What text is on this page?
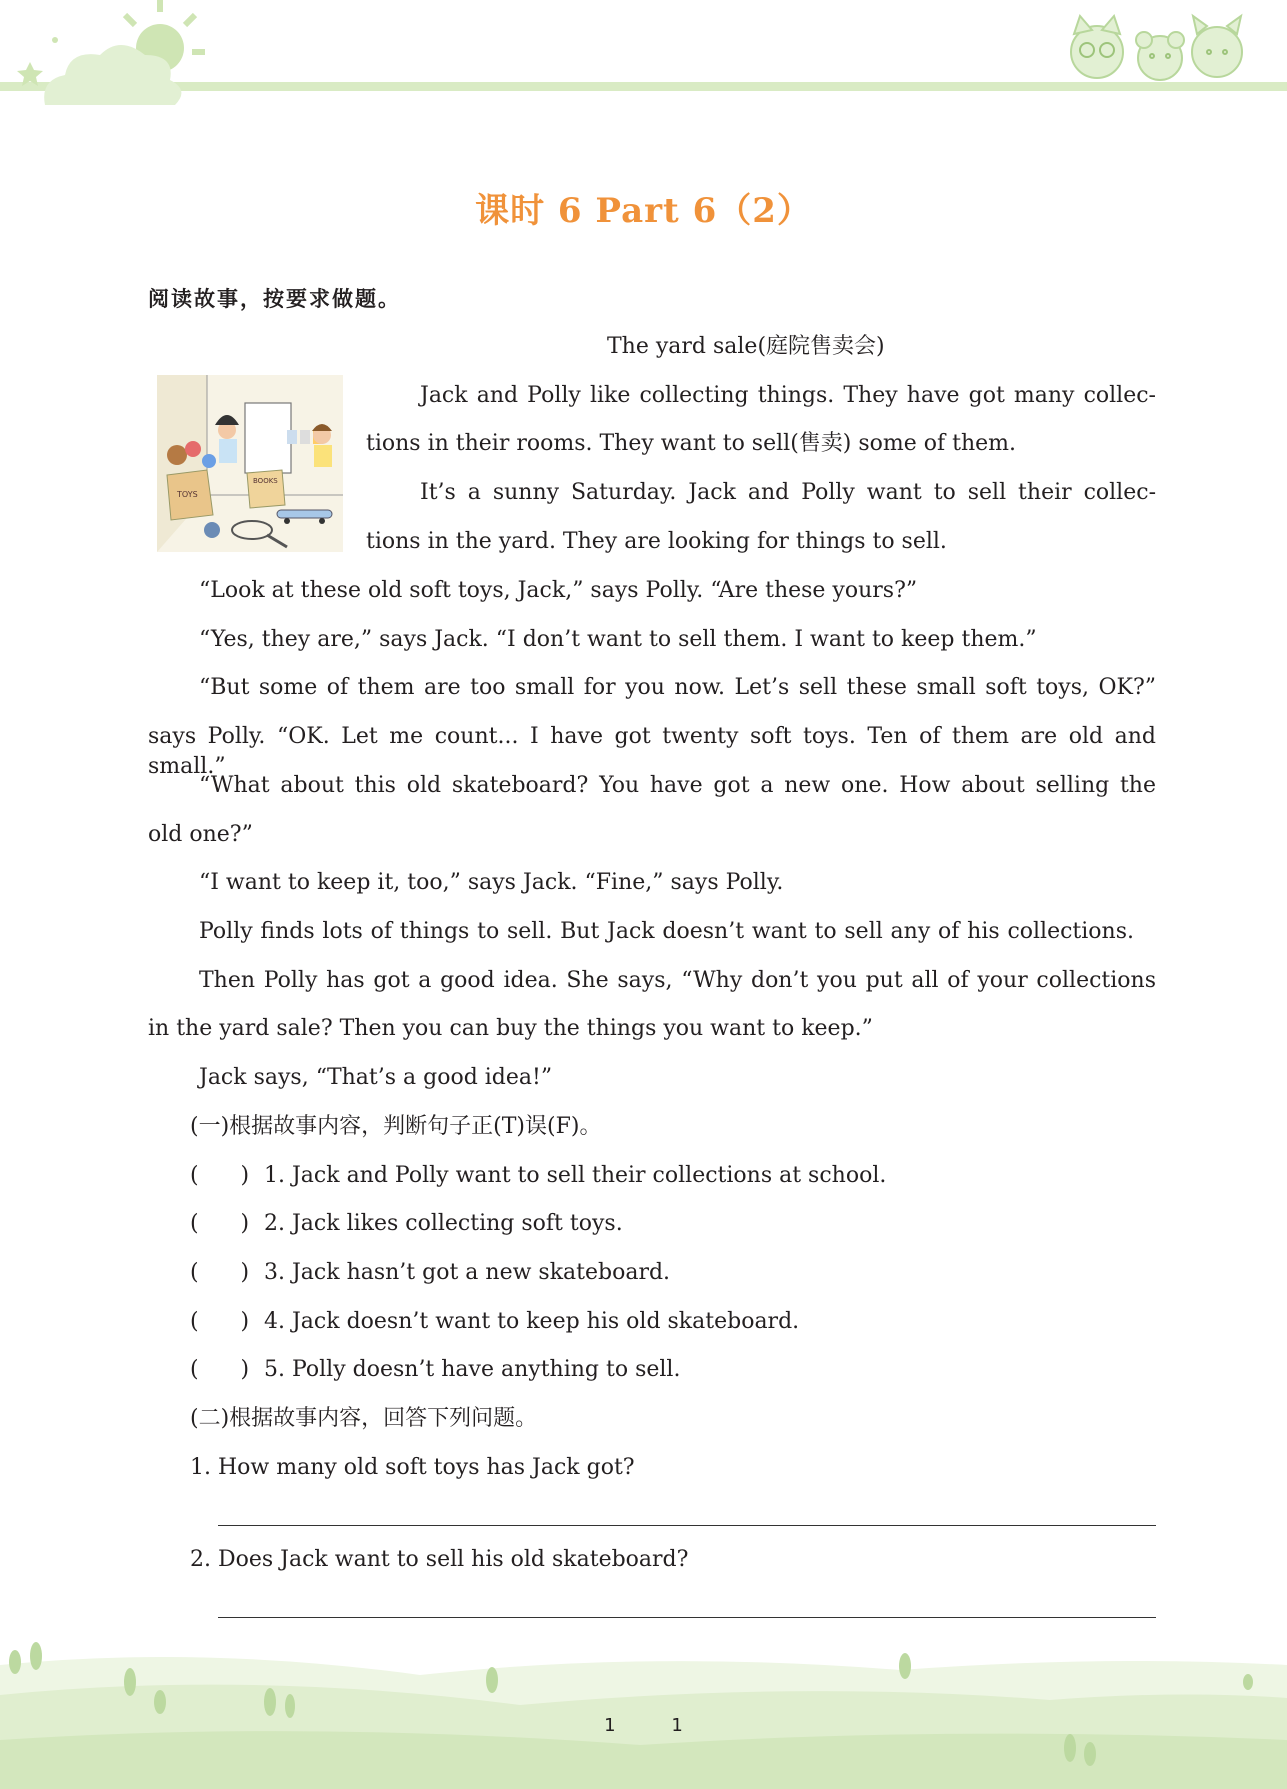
课时 6 Part 6（2）
阅读故事，按要求做题。
The yard sale(庭院售卖会)
TOYS
BOOKS
Jack and Polly like collecting things. They have got many collec-
tions in their rooms. They want to sell(售卖) some of them.
It’s a sunny Saturday. Jack and Polly want to sell their collec-
tions in the yard. They are looking for things to sell.
“Look at these old soft toys, Jack,” says Polly. “Are these yours?”
“Yes, they are,” says Jack. “I don’t want to sell them. I want to keep them.”
“But some of them are too small for you now. Let’s sell these small soft toys, OK?”
says Polly. “OK. Let me count... I have got twenty soft toys. Ten of them are old and small.”
“What about this old skateboard? You have got a new one. How about selling the
old one?”
“I want to keep it, too,” says Jack. “Fine,” says Polly.
Polly finds lots of things to sell. But Jack doesn’t want to sell any of his collections.
Then Polly has got a good idea. She says, “Why don’t you put all of your collections
in the yard sale? Then you can buy the things you want to keep.”
Jack says, “That’s a good idea!”
(一)根据故事内容，判断句子正(T)误(F)。
(      ) 1. Jack and Polly want to sell their collections at school.
(      ) 2. Jack likes collecting soft toys.
(      ) 3. Jack hasn’t got a new skateboard.
(      ) 4. Jack doesn’t want to keep his old skateboard.
(      ) 5. Polly doesn’t have anything to sell.
(二)根据故事内容，回答下列问题。
1. How many old soft toys has Jack got?
2. Does Jack want to sell his old skateboard?
1 1
